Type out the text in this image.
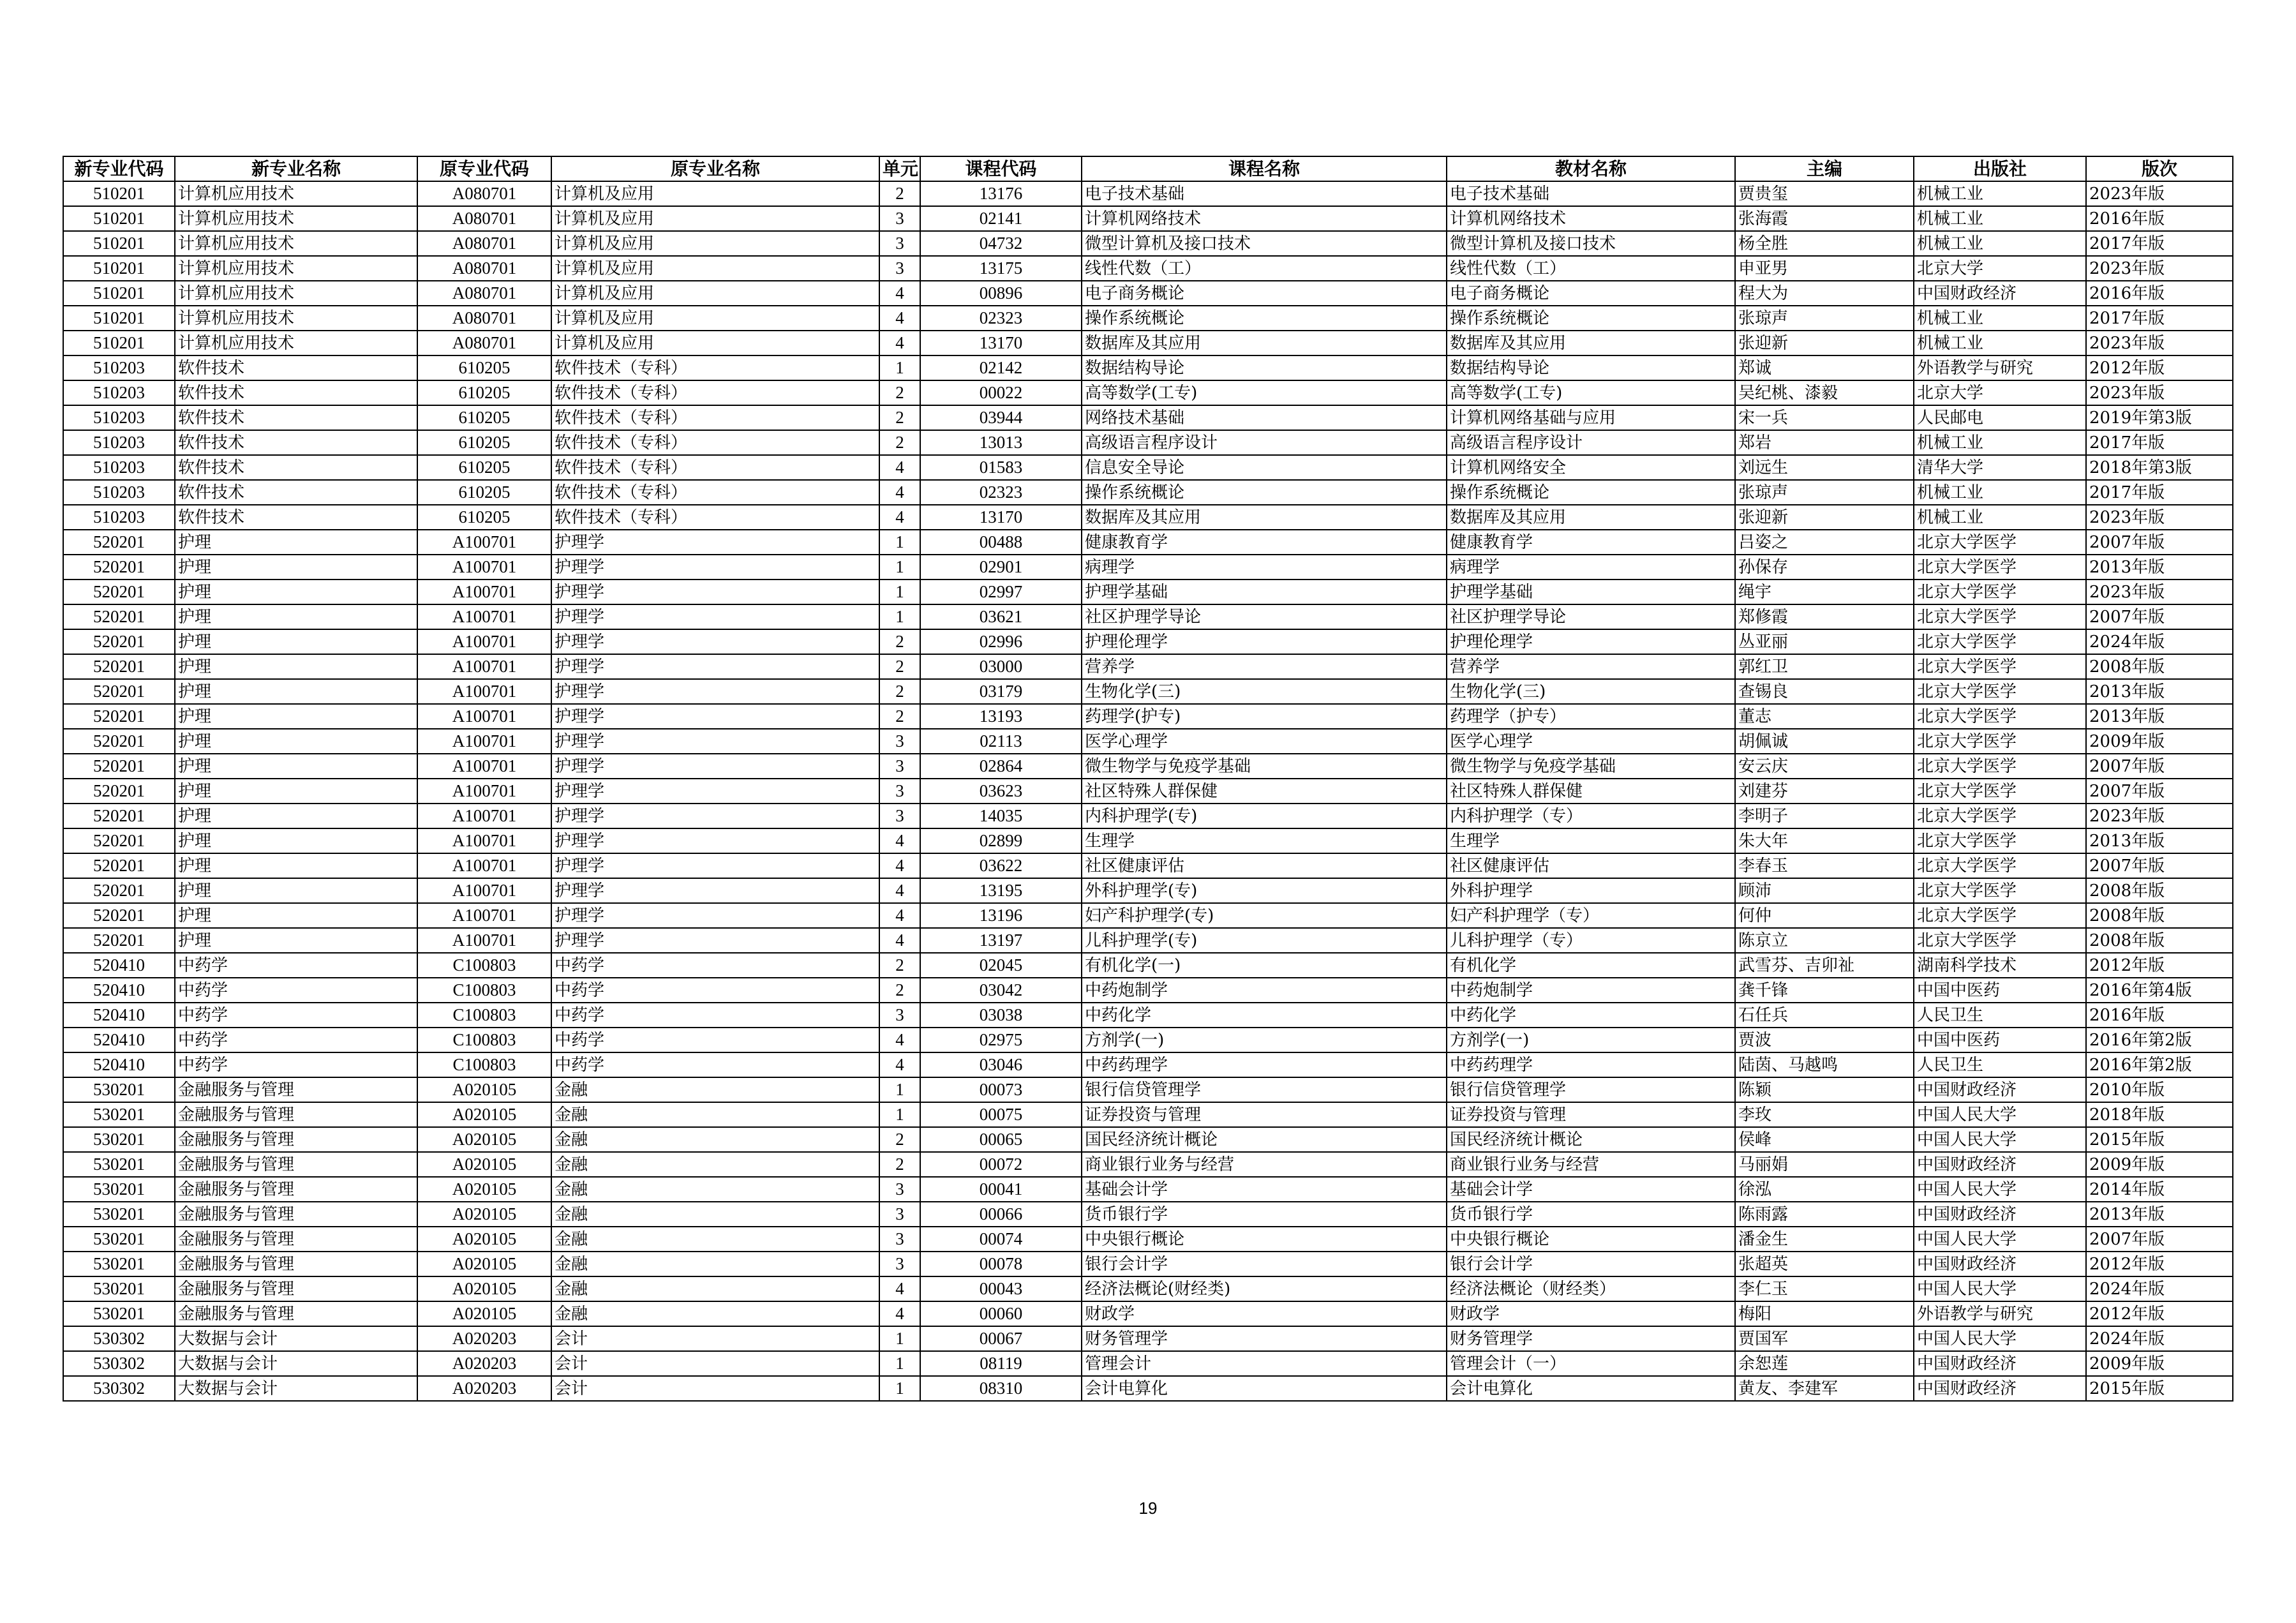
新专业代码	新专业名称	原专业代码	原专业名称	单元	课程代码	课程名称	教材名称	主编	出版社	版次
510201	计算机应用技术	A080701	计算机及应用	2	13176	电子技术基础	电子技术基础	贾贵玺	机械工业	2023年版
510201	计算机应用技术	A080701	计算机及应用	3	02141	计算机网络技术	计算机网络技术	张海霞	机械工业	2016年版
510201	计算机应用技术	A080701	计算机及应用	3	04732	微型计算机及接口技术	微型计算机及接口技术	杨全胜	机械工业	2017年版
510201	计算机应用技术	A080701	计算机及应用	3	13175	线性代数（工）	线性代数（工）	申亚男	北京大学	2023年版
510201	计算机应用技术	A080701	计算机及应用	4	00896	电子商务概论	电子商务概论	程大为	中国财政经济	2016年版
510201	计算机应用技术	A080701	计算机及应用	4	02323	操作系统概论	操作系统概论	张琼声	机械工业	2017年版
510201	计算机应用技术	A080701	计算机及应用	4	13170	数据库及其应用	数据库及其应用	张迎新	机械工业	2023年版
510203	软件技术	610205	软件技术（专科）	1	02142	数据结构导论	数据结构导论	郑诚	外语教学与研究	2012年版
510203	软件技术	610205	软件技术（专科）	2	00022	高等数学(工专)	高等数学(工专)	吴纪桃、漆毅	北京大学	2023年版
510203	软件技术	610205	软件技术（专科）	2	03944	网络技术基础	计算机网络基础与应用	宋一兵	人民邮电	2019年第3版
510203	软件技术	610205	软件技术（专科）	2	13013	高级语言程序设计	高级语言程序设计	郑岩	机械工业	2017年版
510203	软件技术	610205	软件技术（专科）	4	01583	信息安全导论	计算机网络安全	刘远生	清华大学	2018年第3版
510203	软件技术	610205	软件技术（专科）	4	02323	操作系统概论	操作系统概论	张琼声	机械工业	2017年版
510203	软件技术	610205	软件技术（专科）	4	13170	数据库及其应用	数据库及其应用	张迎新	机械工业	2023年版
520201	护理	A100701	护理学	1	00488	健康教育学	健康教育学	吕姿之	北京大学医学	2007年版
520201	护理	A100701	护理学	1	02901	病理学	病理学	孙保存	北京大学医学	2013年版
520201	护理	A100701	护理学	1	02997	护理学基础	护理学基础	绳宇	北京大学医学	2023年版
520201	护理	A100701	护理学	1	03621	社区护理学导论	社区护理学导论	郑修霞	北京大学医学	2007年版
520201	护理	A100701	护理学	2	02996	护理伦理学	护理伦理学	丛亚丽	北京大学医学	2024年版
520201	护理	A100701	护理学	2	03000	营养学	营养学	郭红卫	北京大学医学	2008年版
520201	护理	A100701	护理学	2	03179	生物化学(三)	生物化学(三)	查锡良	北京大学医学	2013年版
520201	护理	A100701	护理学	2	13193	药理学(护专)	药理学（护专）	董志	北京大学医学	2013年版
520201	护理	A100701	护理学	3	02113	医学心理学	医学心理学	胡佩诚	北京大学医学	2009年版
520201	护理	A100701	护理学	3	02864	微生物学与免疫学基础	微生物学与免疫学基础	安云庆	北京大学医学	2007年版
520201	护理	A100701	护理学	3	03623	社区特殊人群保健	社区特殊人群保健	刘建芬	北京大学医学	2007年版
520201	护理	A100701	护理学	3	14035	内科护理学(专)	内科护理学（专）	李明子	北京大学医学	2023年版
520201	护理	A100701	护理学	4	02899	生理学	生理学	朱大年	北京大学医学	2013年版
520201	护理	A100701	护理学	4	03622	社区健康评估	社区健康评估	李春玉	北京大学医学	2007年版
520201	护理	A100701	护理学	4	13195	外科护理学(专)	外科护理学	顾沛	北京大学医学	2008年版
520201	护理	A100701	护理学	4	13196	妇产科护理学(专)	妇产科护理学（专）	何仲	北京大学医学	2008年版
520201	护理	A100701	护理学	4	13197	儿科护理学(专)	儿科护理学（专）	陈京立	北京大学医学	2008年版
520410	中药学	C100803	中药学	2	02045	有机化学(一)	有机化学	武雪芬、吉卯祉	湖南科学技术	2012年版
520410	中药学	C100803	中药学	2	03042	中药炮制学	中药炮制学	龚千锋	中国中医药	2016年第4版
520410	中药学	C100803	中药学	3	03038	中药化学	中药化学	石任兵	人民卫生	2016年版
520410	中药学	C100803	中药学	4	02975	方剂学(一)	方剂学(一)	贾波	中国中医药	2016年第2版
520410	中药学	C100803	中药学	4	03046	中药药理学	中药药理学	陆茵、马越鸣	人民卫生	2016年第2版
530201	金融服务与管理	A020105	金融	1	00073	银行信贷管理学	银行信贷管理学	陈颖	中国财政经济	2010年版
530201	金融服务与管理	A020105	金融	1	00075	证券投资与管理	证券投资与管理	李玫	中国人民大学	2018年版
530201	金融服务与管理	A020105	金融	2	00065	国民经济统计概论	国民经济统计概论	侯峰	中国人民大学	2015年版
530201	金融服务与管理	A020105	金融	2	00072	商业银行业务与经营	商业银行业务与经营	马丽娟	中国财政经济	2009年版
530201	金融服务与管理	A020105	金融	3	00041	基础会计学	基础会计学	徐泓	中国人民大学	2014年版
530201	金融服务与管理	A020105	金融	3	00066	货币银行学	货币银行学	陈雨露	中国财政经济	2013年版
530201	金融服务与管理	A020105	金融	3	00074	中央银行概论	中央银行概论	潘金生	中国人民大学	2007年版
530201	金融服务与管理	A020105	金融	3	00078	银行会计学	银行会计学	张超英	中国财政经济	2012年版
530201	金融服务与管理	A020105	金融	4	00043	经济法概论(财经类)	经济法概论（财经类）	李仁玉	中国人民大学	2024年版
530201	金融服务与管理	A020105	金融	4	00060	财政学	财政学	梅阳	外语教学与研究	2012年版
530302	大数据与会计	A020203	会计	1	00067	财务管理学	财务管理学	贾国军	中国人民大学	2024年版
530302	大数据与会计	A020203	会计	1	08119	管理会计	管理会计（一）	余恕莲	中国财政经济	2009年版
530302	大数据与会计	A020203	会计	1	08310	会计电算化	会计电算化	黄友、李建军	中国财政经济	2015年版
19
